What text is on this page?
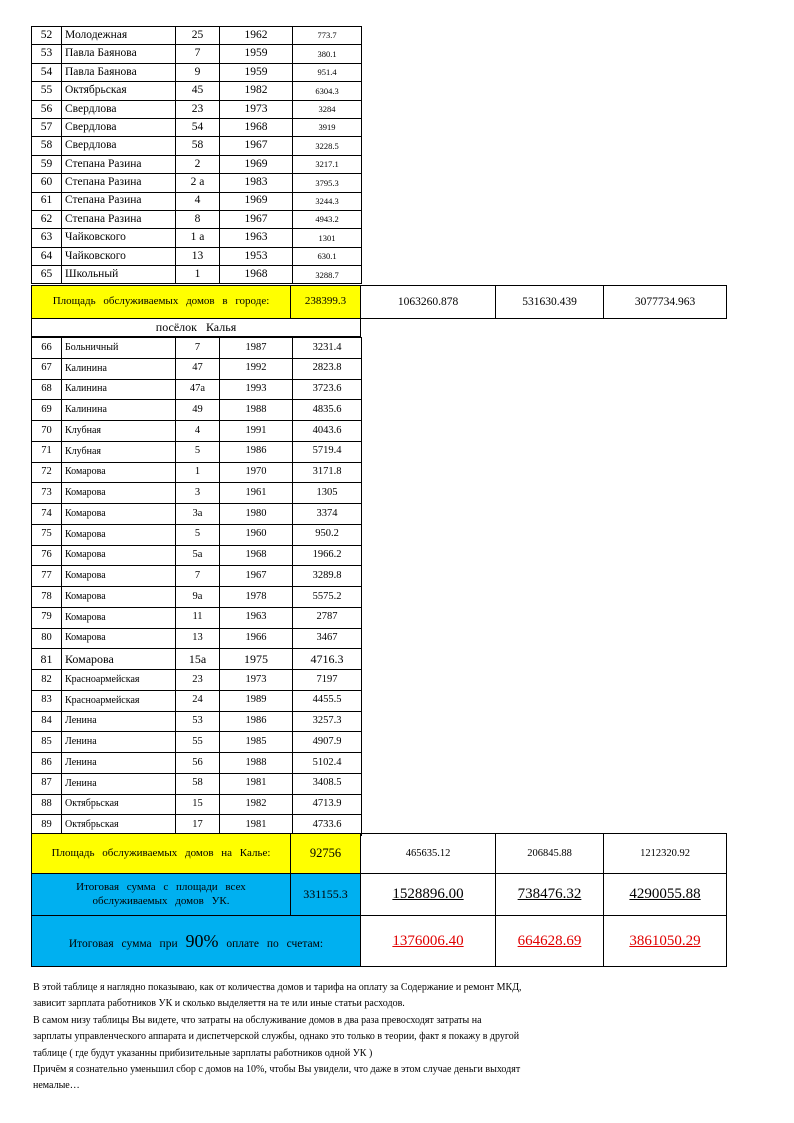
52	Молодежная	25	1962	773.7
53	Павла Баянова	7	1959	380.1
54	Павла Баянова	9	1959	951.4
55	Октябрьская	45	1982	6304.3
56	Свердлова	23	1973	3284
57	Свердлова	54	1968	3919
58	Свердлова	58	1967	3228.5
59	Степана Разина	2	1969	3217.1
60	Степана Разина	2 а	1983	3795.3
61	Степана Разина	4	1969	3244.3
62	Степана Разина	8	1967	4943.2
63	Чайковского	1 а	1963	1301
64	Чайковского	13	1953	630.1
65	Школьный	1	1968	3288.7
Площадь обслуживаемых домов в городе:	238399.3	1063260.878	531630.439	3077734.963
посёлок Калья
66	Больничный	7	1987	3231.4
67	Калинина	47	1992	2823.8
68	Калинина	47а	1993	3723.6
69	Калинина	49	1988	4835.6
70	Клубная	4	1991	4043.6
71	Клубная	5	1986	5719.4
72	Комарова	1	1970	3171.8
73	Комарова	3	1961	1305
74	Комарова	3а	1980	3374
75	Комарова	5	1960	950.2
76	Комарова	5а	1968	1966.2
77	Комарова	7	1967	3289.8
78	Комарова	9а	1978	5575.2
79	Комарова	11	1963	2787
80	Комарова	13	1966	3467
81	Комарова	15а	1975	4716.3
82	Красноармейская	23	1973	7197
83	Красноармейская	24	1989	4455.5
84	Ленина	53	1986	3257.3
85	Ленина	55	1985	4907.9
86	Ленина	56	1988	5102.4
87	Ленина	58	1981	3408.5
88	Октябрьская	15	1982	4713.9
89	Октябрьская	17	1981	4733.6
Площадь обслуживаемых домов на Калье:	92756	465635.12	206845.88	1212320.92
Итоговая сумма с площади всех
обслуживаемых домов УК.	331155.3	1528896.00	738476.32	4290055.88
Итоговая сумма при 90% оплате по счетам:	1376006.40	664628.69	3861050.29
В этой таблице я наглядно показываю, как от количества домов и тарифа на оплату за Содержание и ремонт МКД,
зависит зарплата работников УК и сколько выделяеття на те или иные статьи расходов.
В самом низу таблицы Вы видете, что затраты на обслуживание домов в два раза превосходят затраты на
зарплаты управленческого аппарата и диспетчерской службы, однако это только в теории, факт я покажу в другой
таблице ( где будут указанны прибизительные зарплаты работников одной УК )
Причём я сознательно уменьшил сбор с домов на 10%, чтобы Вы увидели, что даже в этом случае деньги выходят
немалые…
